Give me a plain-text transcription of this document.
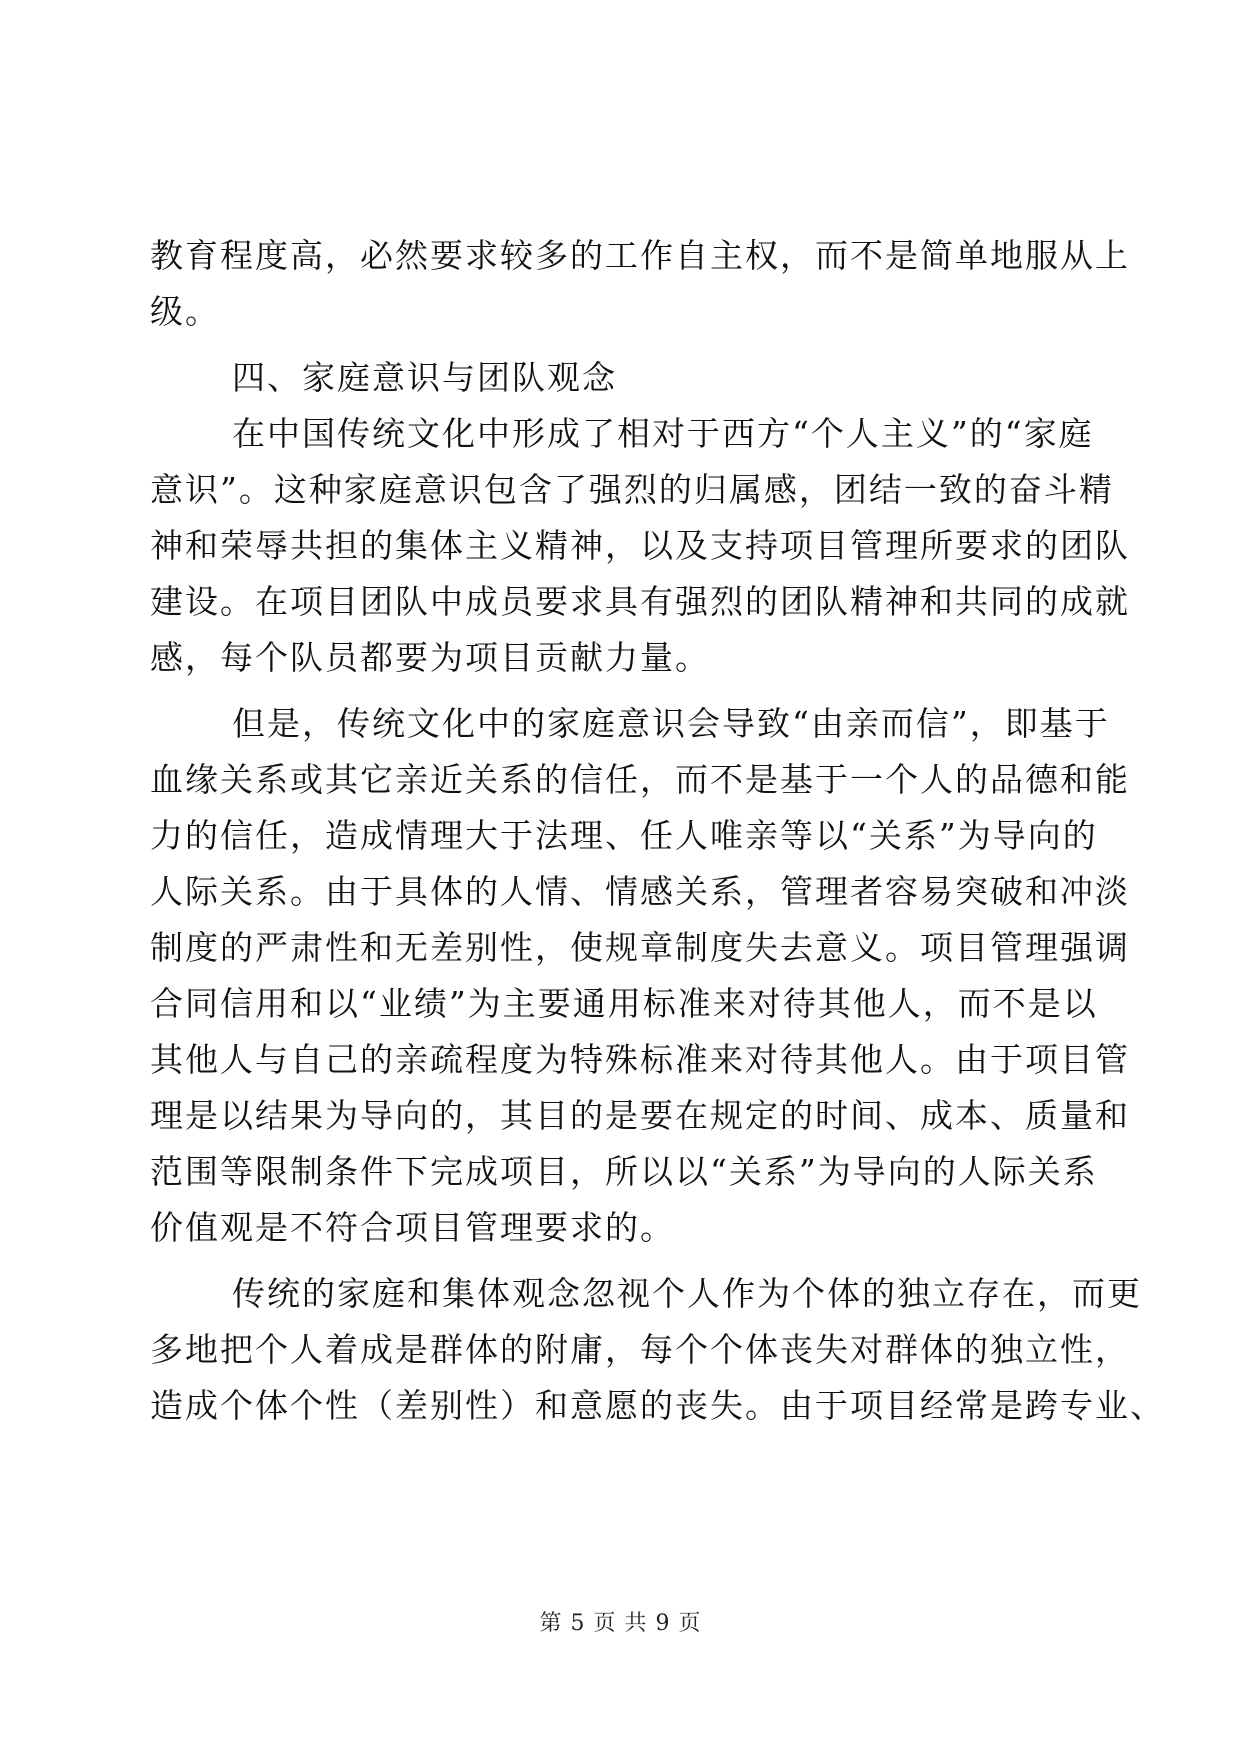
教育程度高，必然要求较多的工作自主权，而不是简单地服从上
级。
四、家庭意识与团队观念
在中国传统文化中形成了相对于西方“个人主义”的“家庭
意识”。这种家庭意识包含了强烈的归属感，团结一致的奋斗精
神和荣辱共担的集体主义精神，以及支持项目管理所要求的团队
建设。在项目团队中成员要求具有强烈的团队精神和共同的成就
感，每个队员都要为项目贡献力量。
但是，传统文化中的家庭意识会导致“由亲而信”，即基于
血缘关系或其它亲近关系的信任，而不是基于一个人的品德和能
力的信任，造成情理大于法理、任人唯亲等以“关系”为导向的
人际关系。由于具体的人情、情感关系，管理者容易突破和冲淡
制度的严肃性和无差别性，使规章制度失去意义。项目管理强调
合同信用和以“业绩”为主要通用标准来对待其他人，而不是以
其他人与自己的亲疏程度为特殊标准来对待其他人。由于项目管
理是以结果为导向的，其目的是要在规定的时间、成本、质量和
范围等限制条件下完成项目，所以以“关系”为导向的人际关系
价值观是不符合项目管理要求的。
传统的家庭和集体观念忽视个人作为个体的独立存在，而更
多地把个人着成是群体的附庸，每个个体丧失对群体的独立性，
造成个体个性（差别性）和意愿的丧失。由于项目经常是跨专业、
第 5 页 共 9 页
